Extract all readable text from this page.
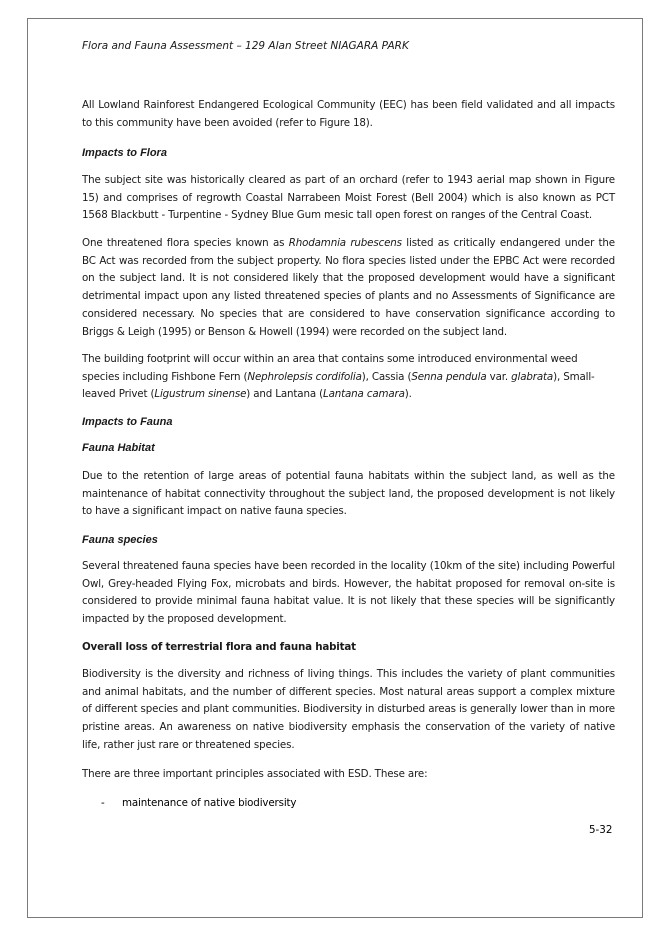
Flora and Fauna Assessment – 129 Alan Street NIAGARA PARK

All Lowland Rainforest Endangered Ecological Community (EEC) has been field validated and all impacts to this community have been avoided (refer to Figure 18).

Impacts to Flora

The subject site was historically cleared as part of an orchard (refer to 1943 aerial map shown in Figure 15) and comprises of regrowth Coastal Narrabeen Moist Forest (Bell 2004) which is also known as PCT 1568 Blackbutt - Turpentine - Sydney Blue Gum mesic tall open forest on ranges of the Central Coast.

One threatened flora species known as Rhodamnia rubescens listed as critically endangered under the BC Act was recorded from the subject property. No flora species listed under the EPBC Act were recorded on the subject land. It is not considered likely that the proposed development would have a significant detrimental impact upon any listed threatened species of plants and no Assessments of Significance are considered necessary. No species that are considered to have conservation significance according to Briggs & Leigh (1995) or Benson & Howell (1994) were recorded on the subject land.

The building footprint will occur within an area that contains some introduced environmental weed species including Fishbone Fern (Nephrolepsis cordifolia), Cassia (Senna pendula var. glabrata), Small-leaved Privet (Ligustrum sinense) and Lantana (Lantana camara).

Impacts to Fauna
Fauna Habitat

Due to the retention of large areas of potential fauna habitats within the subject land, as well as the maintenance of habitat connectivity throughout the subject land, the proposed development is not likely to have a significant impact on native fauna species.

Fauna species

Several threatened fauna species have been recorded in the locality (10km of the site) including Powerful Owl, Grey-headed Flying Fox, microbats and birds. However, the habitat proposed for removal on-site is considered to provide minimal fauna habitat value. It is not likely that these species will be significantly impacted by the proposed development.

Overall loss of terrestrial flora and fauna habitat

Biodiversity is the diversity and richness of living things. This includes the variety of plant communities and animal habitats, and the number of different species. Most natural areas support a complex mixture of different species and plant communities. Biodiversity in disturbed areas is generally lower than in more pristine areas. An awareness on native biodiversity emphasis the conservation of the variety of native life, rather just rare or threatened species.

There are three important principles associated with ESD. These are:

- maintenance of native biodiversity
5-32
